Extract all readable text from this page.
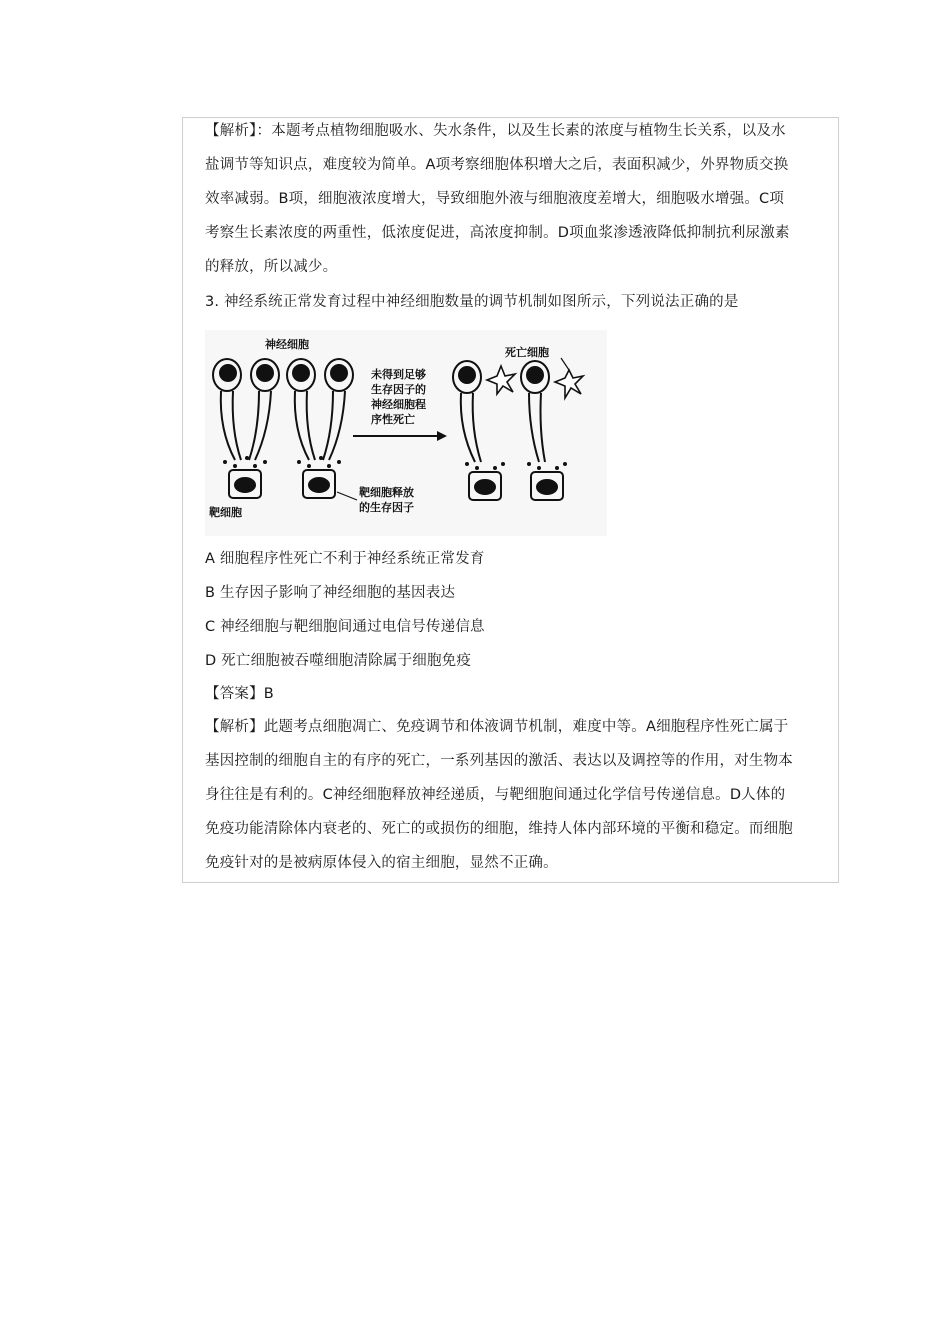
【解析】：本题考点植物细胞吸水、失水条件，以及生长素的浓度与植物生长关系，以及水
盐调节等知识点，难度较为简单。A项考察细胞体积增大之后，表面积减少，外界物质交换
效率减弱。B项，细胞液浓度增大，导致细胞外液与细胞液度差增大，细胞吸水增强。C项
考察生长素浓度的两重性，低浓度促进，高浓度抑制。D项血浆渗透液降低抑制抗利尿激素
的释放，所以减少。
3. 神经系统正常发育过程中神经细胞数量的调节机制如图所示，下列说法正确的是
神经细胞
死亡细胞
未得到足够
生存因子的
神经细胞程
序性死亡
靶细胞
靶细胞释放
的生存因子
A 细胞程序性死亡不利于神经系统正常发育
B 生存因子影响了神经细胞的基因表达
C 神经细胞与靶细胞间通过电信号传递信息
D 死亡细胞被吞噬细胞清除属于细胞免疫
【答案】B
【解析】此题考点细胞凋亡、免疫调节和体液调节机制，难度中等。A细胞程序性死亡属于
基因控制的细胞自主的有序的死亡，一系列基因的激活、表达以及调控等的作用，对生物本
身往往是有利的。C神经细胞释放神经递质，与靶细胞间通过化学信号传递信息。D人体的
免疫功能清除体内衰老的、死亡的或损伤的细胞，维持人体内部环境的平衡和稳定。而细胞
免疫针对的是被病原体侵入的宿主细胞，显然不正确。
